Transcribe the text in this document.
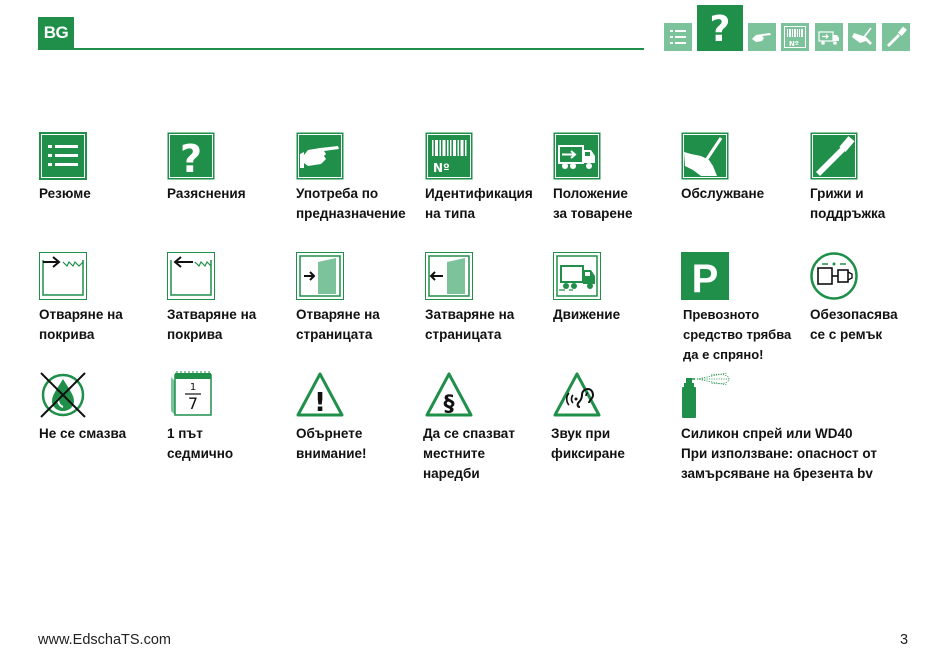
BG	?	Nº
Резюме
?
Разяснения	Употреба по
предназначение
Nº
Идентификация
на типа
Положение
за товарене
Обслужване	Грижи и
поддръжка
Отваряне на
покрива
Затваряне на
покрива
Отваряне на
страницата
Затваряне на
страницата
Движение
P
Превозното
средство трябва
да е спряно!
Обезопасява
се с ремък
Не се смазва
1
7
1 път
седмично
!
Обърнете
внимание!
§
Да се спазват
местните
наредби
Звук при
фиксиране
Силикон спрей или WD40
При използване: опасност от
замърсяване на брезента bv
www.EdschaTS.com	3
